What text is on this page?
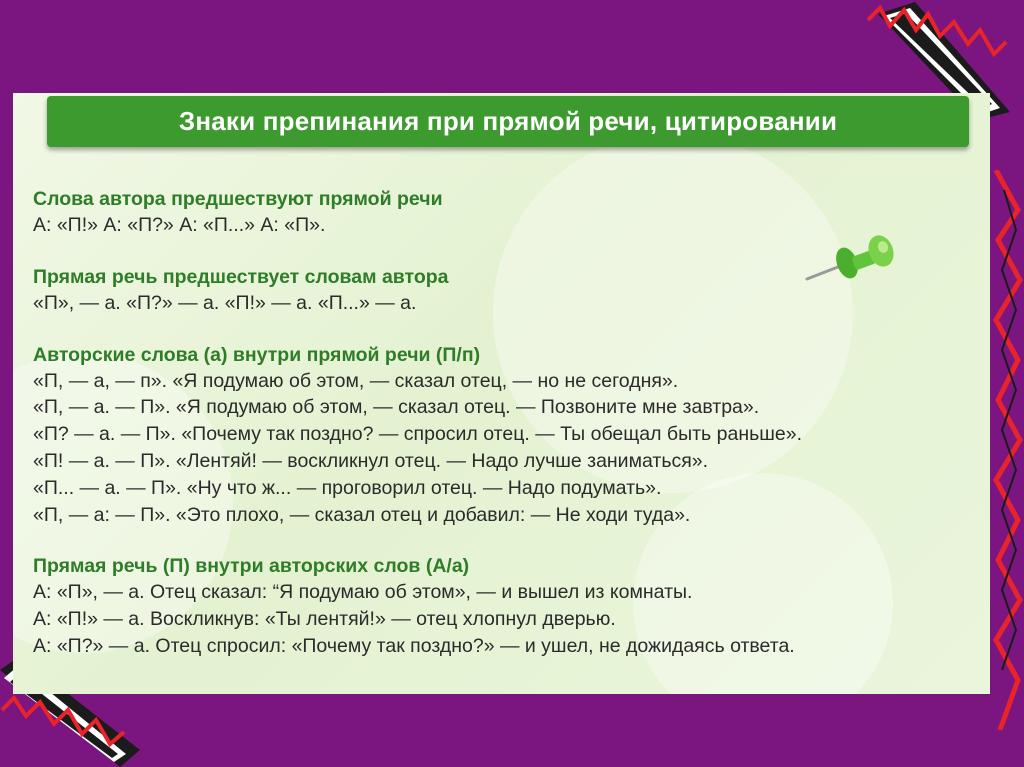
Знаки препинания при прямой речи, цитировании
Слова автора предшествуют прямой речи
А: «П!» А: «П?» А: «П...» А: «П».
Прямая речь предшествует словам автора
«П», — а. «П?» — а. «П!» — а. «П...» — а.
Авторские слова (а) внутри прямой речи (П/п)
«П, — а, — п». «Я подумаю об этом, — сказал отец, — но не сегодня».
«П, — а. — П». «Я подумаю об этом, — сказал отец. — Позвоните мне завтра».
«П? — а. — П». «Почему так поздно? — спросил отец. — Ты обещал быть раньше».
«П! — а. — П». «Лентяй! — воскликнул отец. — Надо лучше заниматься».
«П... — а. — П». «Ну что ж... — проговорил отец. — Надо подумать».
«П, — а: — П». «Это плохо, — сказал отец и добавил: — Не ходи туда».
Прямая речь (П) внутри авторских слов (А/а)
А: «П», — а. Отец сказал: “Я подумаю об этом», — и вышел из комнаты.
А: «П!» — а. Воскликнув: «Ты лентяй!» — отец хлопнул дверью.
А: «П?» — а. Отец спросил: «Почему так поздно?» — и ушел, не дожидаясь ответа.
